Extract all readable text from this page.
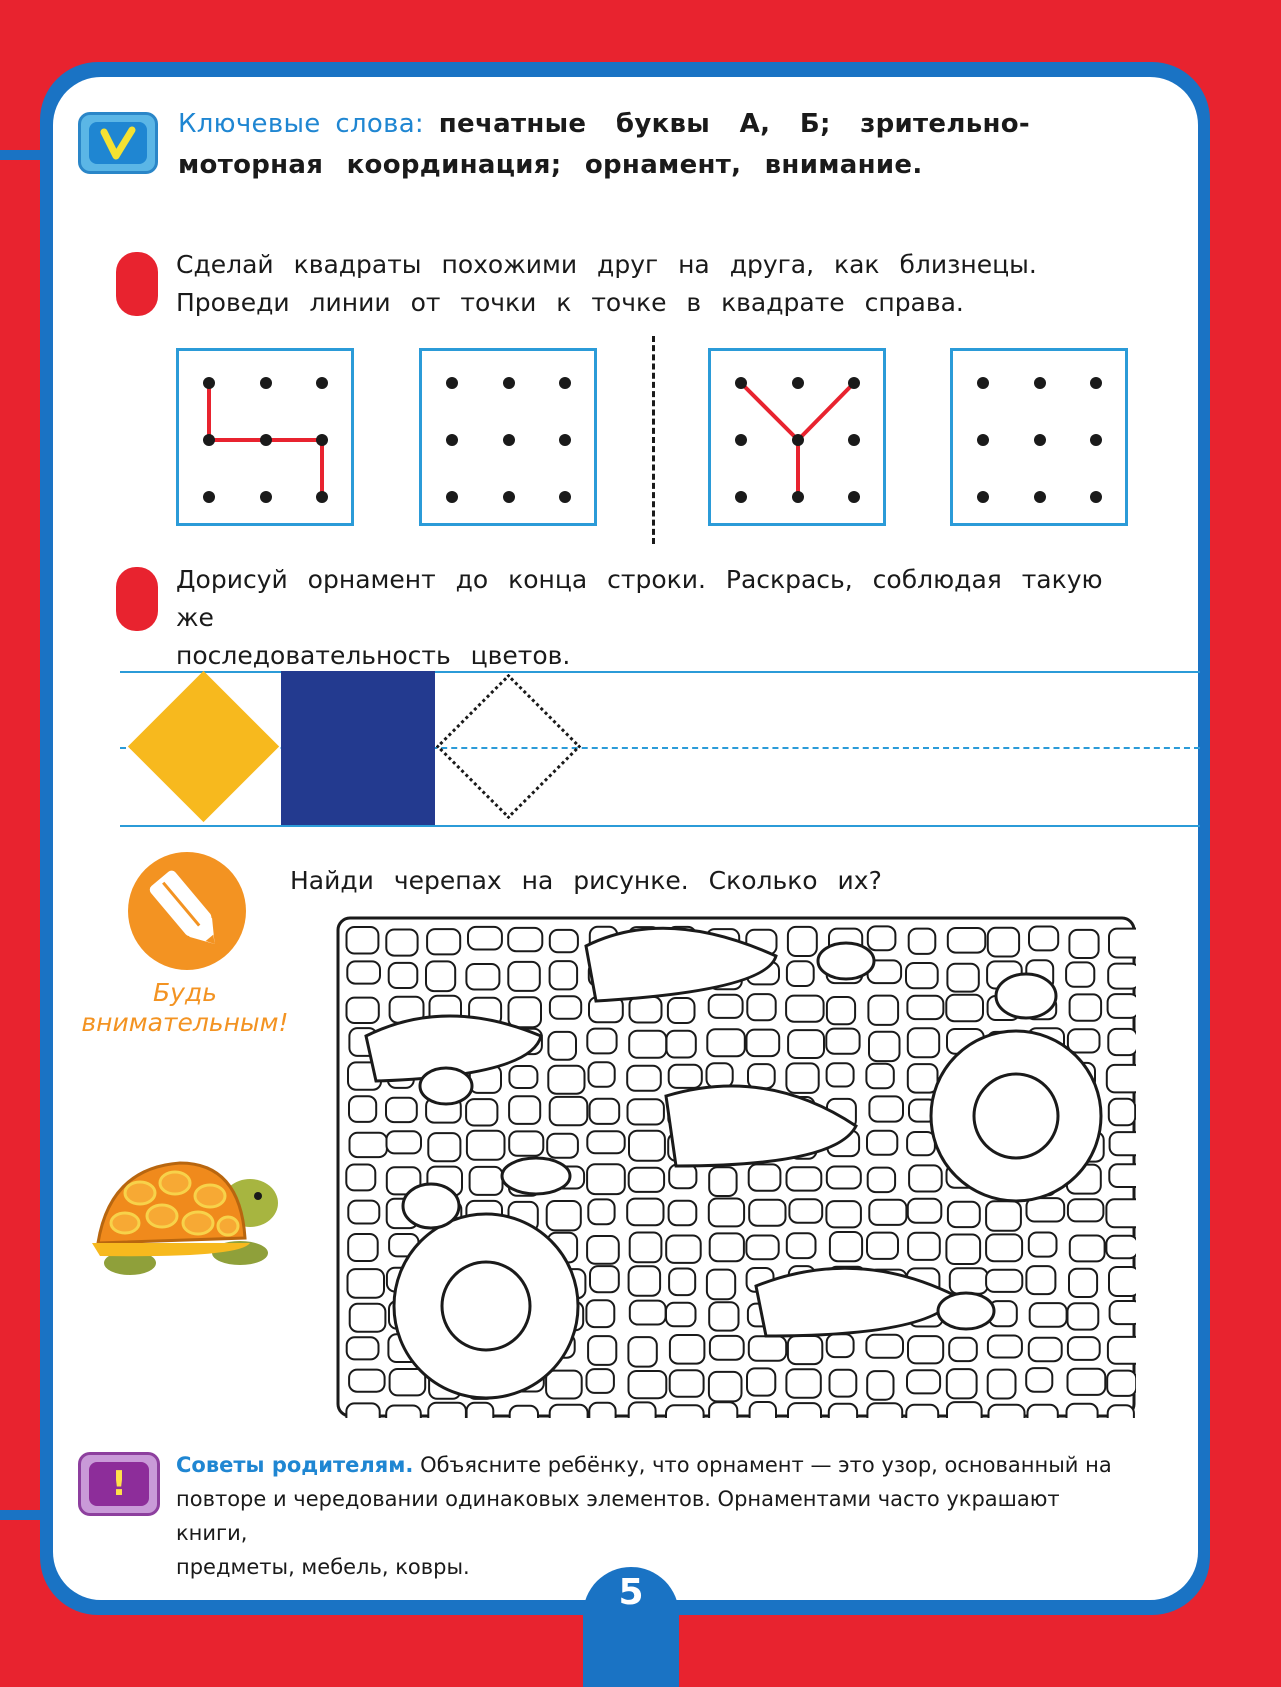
5
Ключевые слова: печатные буквы А, Б; зрительно-моторная координация; орнамент, внимание.
Сделай квадраты похожими друг на друга, как близнецы.
Проведи линии от точки к точке в квадрате справа.
Дорисуй орнамент до конца строки. Раскрась, соблюдая такую же
последовательность цветов.
Будь
внимательным!
Найди черепах на рисунке. Сколько их?
!	Советы родителям. Объясните ребёнку, что орнамент — это узор, основанный на
повторе и чередовании одинаковых элементов. Орнаментами часто украшают книги,
предметы, мебель, ковры.
